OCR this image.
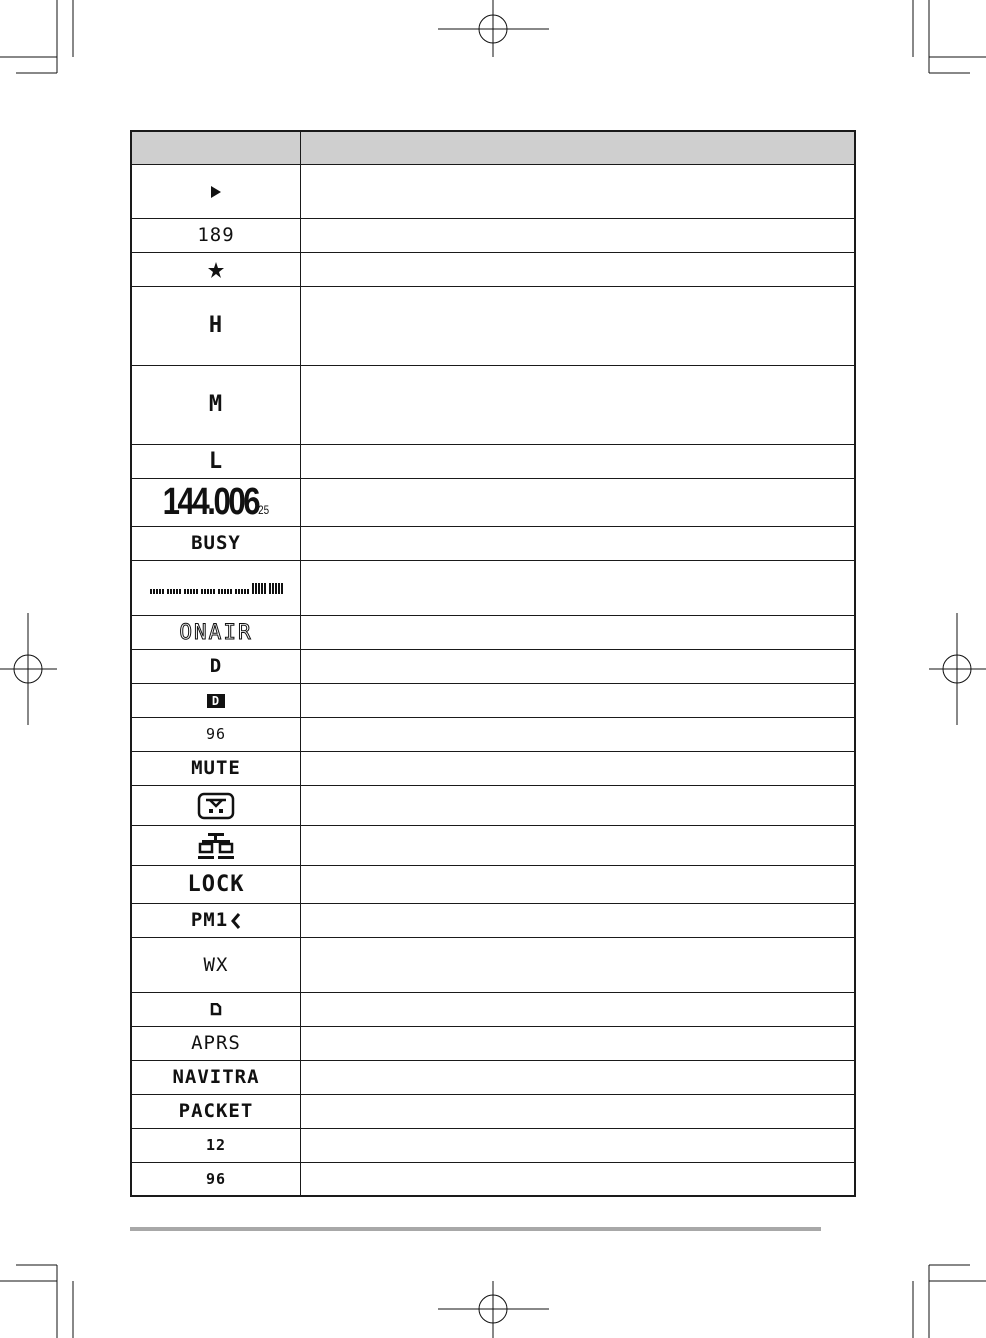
189
H
M
L
144.00625
BUSY
ONAIR
D
D
96
MUTE
LOCK
PM1
WX
APRS
NAVITRA
PACKET
12
96
